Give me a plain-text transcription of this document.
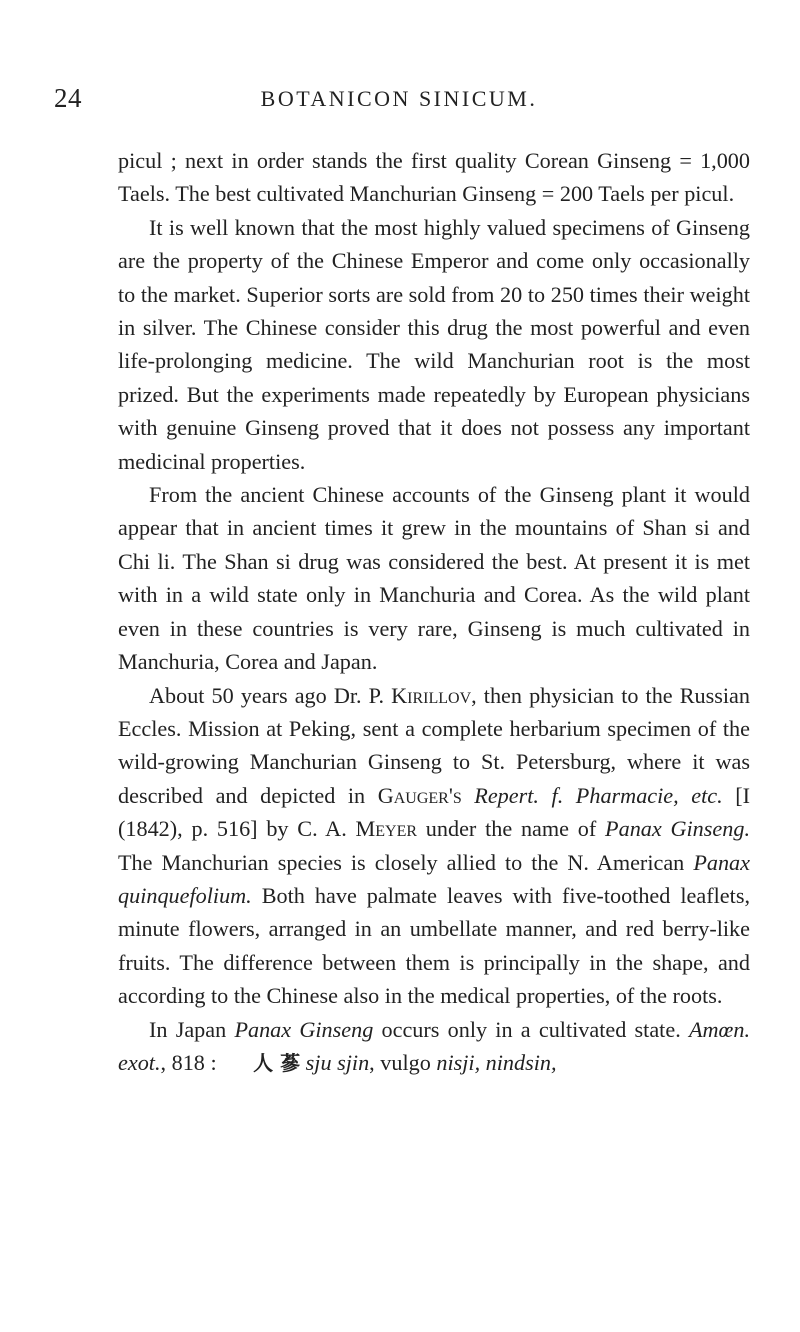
24	BOTANICON SINICUM.

picul ; next in order stands the first quality Corean Ginseng = 1,000 Taels. The best cultivated Manchurian Ginseng = 200 Taels per picul.

It is well known that the most highly valued specimens of Ginseng are the property of the Chinese Emperor and come only occasionally to the market. Superior sorts are sold from 20 to 250 times their weight in silver. The Chinese consider this drug the most powerful and even life-prolonging medicine. The wild Manchurian root is the most prized. But the experiments made repeatedly by European physicians with genuine Ginseng proved that it does not possess any important medicinal properties.

From the ancient Chinese accounts of the Ginseng plant it would appear that in ancient times it grew in the mountains of Shan si and Chi li. The Shan si drug was considered the best. At present it is met with in a wild state only in Manchuria and Corea. As the wild plant even in these countries is very rare, Ginseng is much cultivated in Manchuria, Corea and Japan.

About 50 years ago Dr. P. Kirillov, then physician to the Russian Eccles. Mission at Peking, sent a complete herbarium specimen of the wild-growing Manchurian Ginseng to St. Petersburg, where it was described and depicted in Gauger's Repert. f. Pharmacie, etc. [I (1842), p. 516] by C. A. Meyer under the name of Panax Ginseng. The Manchurian species is closely allied to the N. American Panax quinquefolium. Both have palmate leaves with five-toothed leaflets, minute flowers, arranged in an umbellate manner, and red berry-like fruits. The difference between them is principally in the shape, and according to the Chinese also in the medical properties, of the roots.

In Japan Panax Ginseng occurs only in a cultivated state. Amœn. exot., 818 : 人 蔘 sju sjin, vulgo nisji, nindsin,
